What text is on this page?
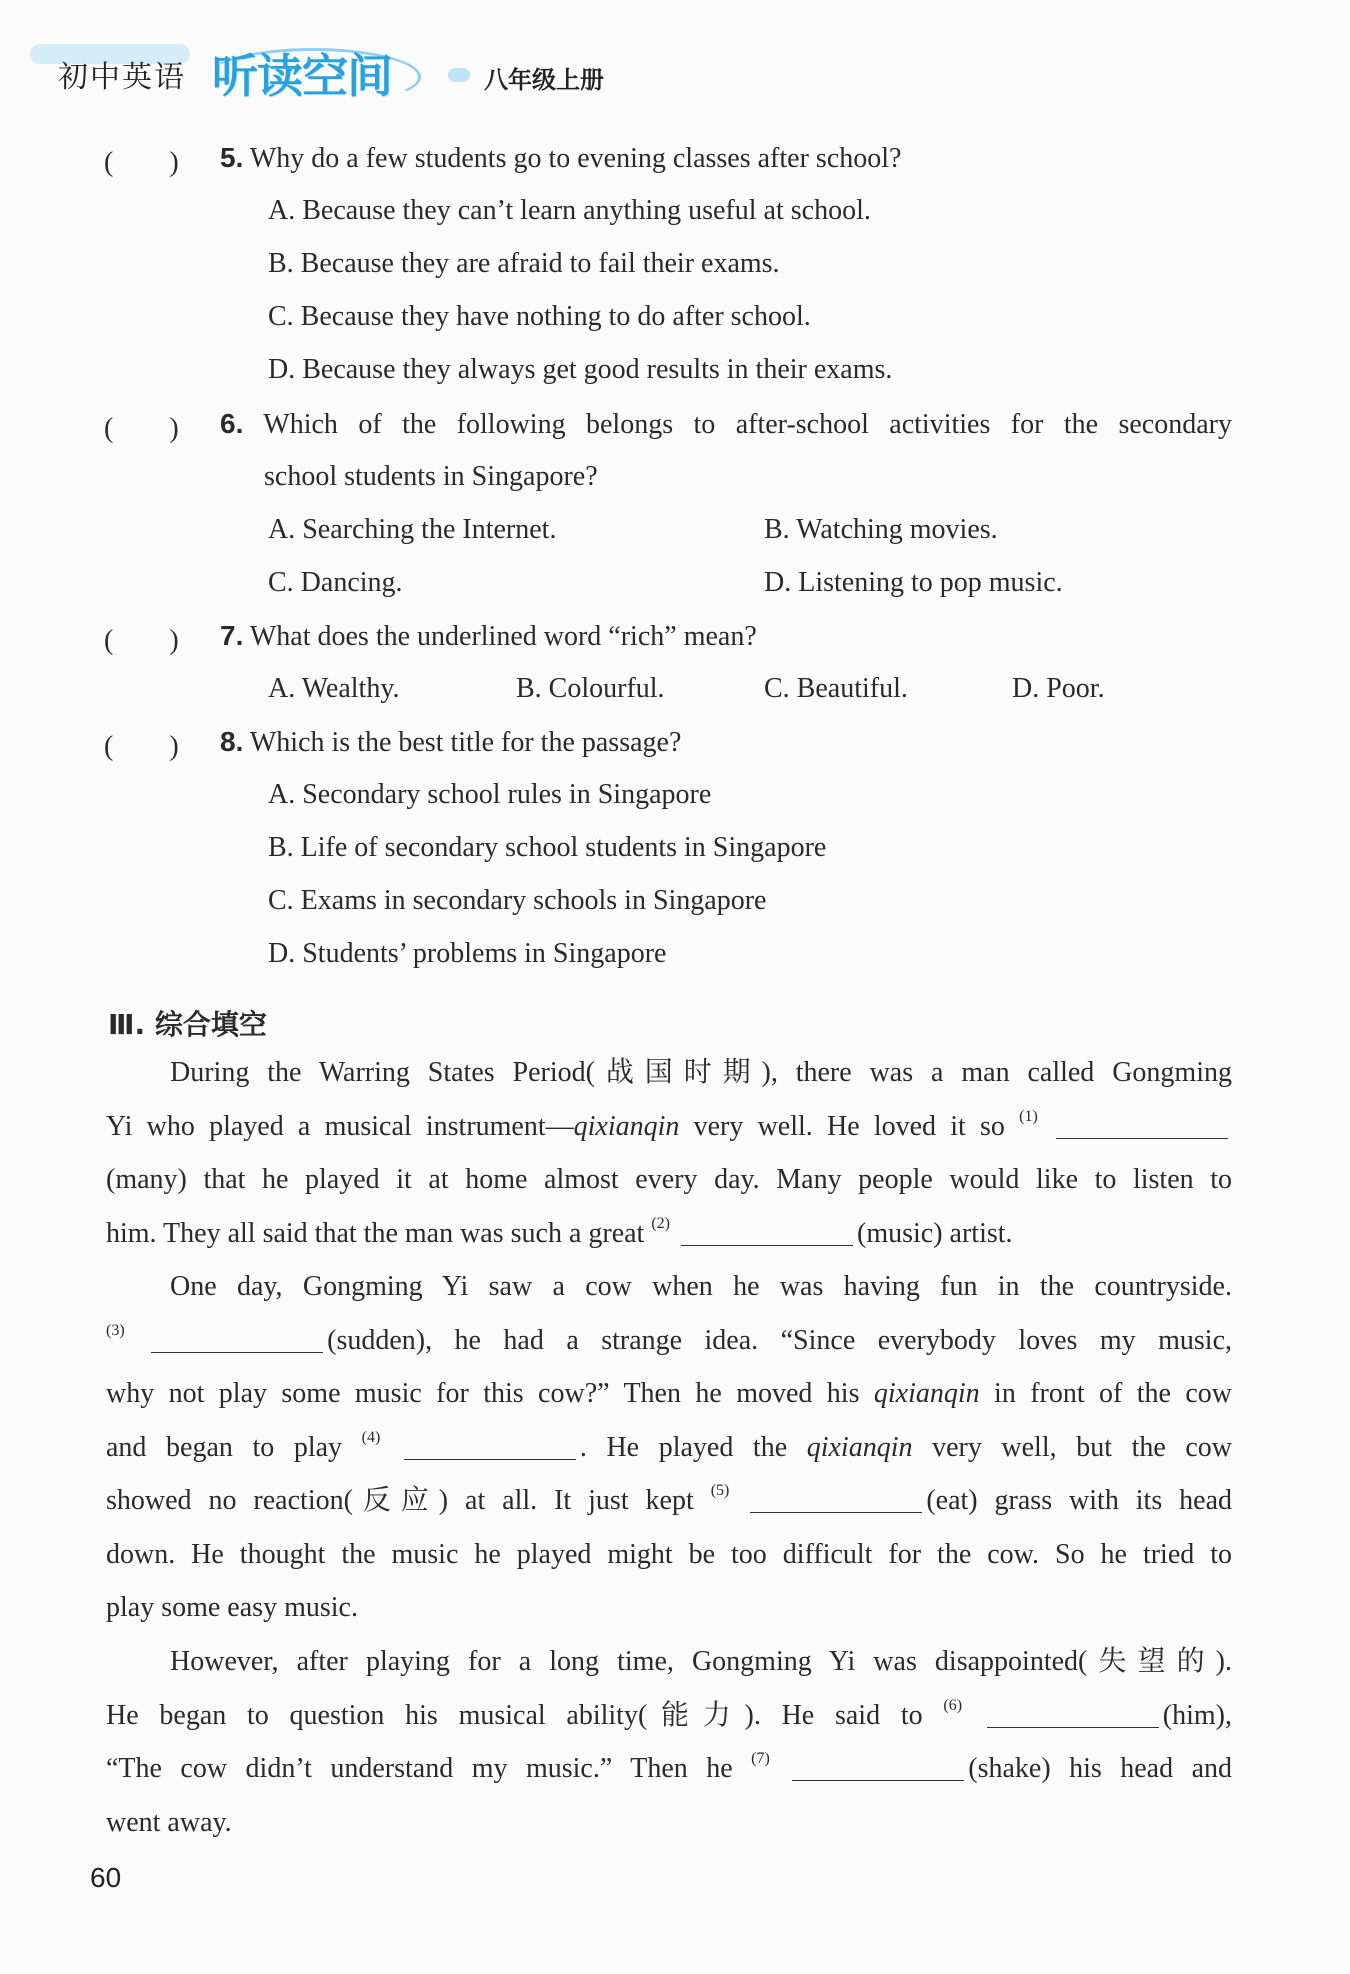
初中英语 听读空间	八年级上册
(　　) 5. Why do a few students go to evening classes after school?
A. Because they can’t learn anything useful at school.
B. Because they are afraid to fail their exams.
C. Because they have nothing to do after school.
D. Because they always get good results in their exams.
(　　) 6. Which of the following belongs to after-school activities for the secondary
school students in Singapore?
A. Searching the Internet.	B. Watching movies.
C. Dancing.	D. Listening to pop music.
(　　) 7. What does the underlined word “rich” mean?
A. Wealthy.	B. Colourful.	C. Beautiful.	D. Poor.
(　　) 8. Which is the best title for the passage?
A. Secondary school rules in Singapore
B. Life of secondary school students in Singapore
C. Exams in secondary schools in Singapore
D. Students’ problems in Singapore
Ⅲ. 综合填空
During the Warring States Period(战国时期), there was a man called Gongming
Yi who played a musical instrument—qixianqin very well. He loved it so $^{(1)}$
(many) that he played it at home almost every day. Many people would like to listen to
him. They all said that the man was such a great $^{(2)}$	(music) artist.
One day, Gongming Yi saw a cow when he was having fun in the countryside.
$^{(3)}$	(sudden), he had a strange idea. “Since everybody loves my music,
why not play some music for this cow?” Then he moved his qixianqin in front of the cow
and began to play $^{(4)}$	. He played the qixianqin very well, but the cow
showed no reaction(反应) at all. It just kept $^{(5)}$	(eat) grass with its head
down. He thought the music he played might be too difficult for the cow. So he tried to
play some easy music.
However, after playing for a long time, Gongming Yi was disappointed(失望的).
He began to question his musical ability(能力). He said to $^{(6)}$	(him),
“The cow didn’t understand my music.” Then he $^{(7)}$	(shake) his head and
went away.
60
